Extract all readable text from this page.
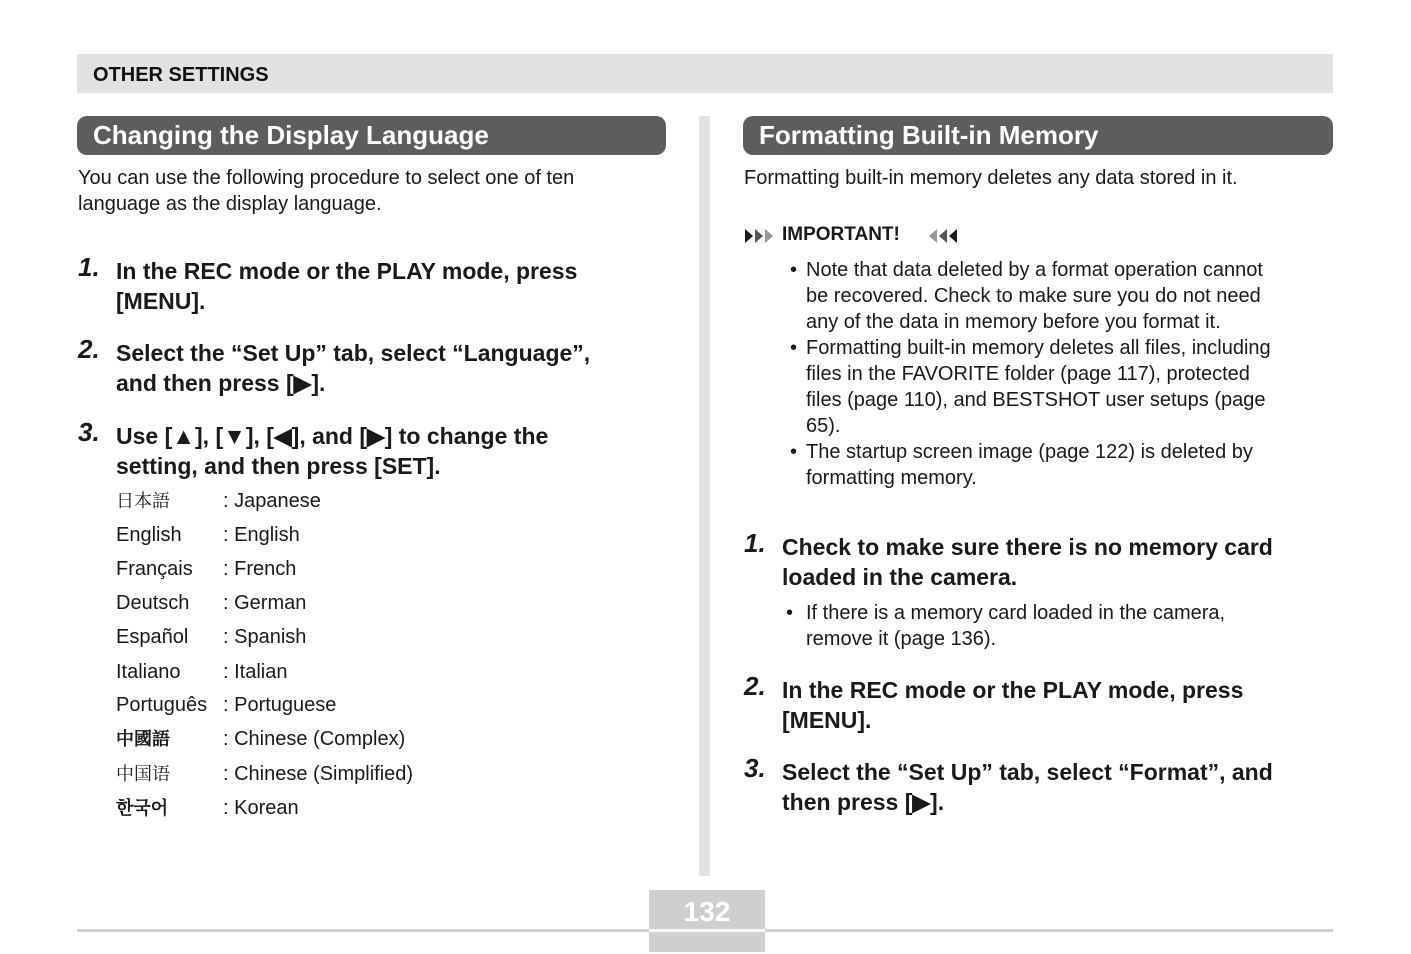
OTHER SETTINGS
Changing the Display Language
You can use the following procedure to select one of ten
language as the display language.
1. In the REC mode or the PLAY mode, press
[MENU].
2. Select the “Set Up” tab, select “Language”,
and then press [▶].
3. Use [▲], [▼], [◀], and [▶] to change the
setting, and then press [SET].
日本語	: Japanese
English : English
Français : French
Deutsch : German
Español : Spanish
Italiano : Italian
Português : Portuguese
中國語	: Chinese (Complex)
中国语	: Chinese (Simplified)
한국어	: Korean
Formatting Built-in Memory
Formatting built-in memory deletes any data stored in it.
IMPORTANT!
• Note that data deleted by a format operation cannot
be recovered. Check to make sure you do not need
any of the data in memory before you format it.
• Formatting built-in memory deletes all files, including
files in the FAVORITE folder (page 117), protected
files (page 110), and BESTSHOT user setups (page
65).
• The startup screen image (page 122) is deleted by
formatting memory.
1. Check to make sure there is no memory card
loaded in the camera.
• If there is a memory card loaded in the camera,
remove it (page 136).
2. In the REC mode or the PLAY mode, press
[MENU].
3. Select the “Set Up” tab, select “Format”, and
then press [▶].
132
